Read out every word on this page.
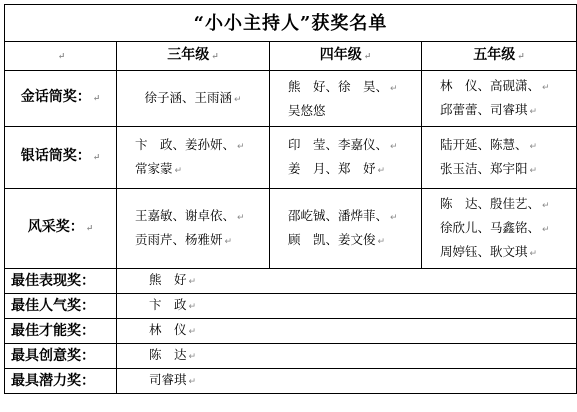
“小小主持人”获奖名单			
↵	三年级 ↵	四年级 ↵	五年级 ↵
金话筒奖： ↵	徐子涵、王雨涵 ↵	熊　好、徐　昊、 ↵
吴悠悠	林　仪、高砚潇、 ↵
邱蕾蕾、司睿琪 ↵

银话筒奖： ↵	卞　政、姜孙妍、 ↵
常家蒙 ↵	印　莹、李嘉仪、 ↵
姜　月、郑　妤 ↵	陆开延、陈慧、 ↵
张玉洁、郑宇阳 ↵

风采奖： ↵	王嘉敏、谢卓依、 ↵
贡雨芹、杨雅妍 ↵	邵屹铖、潘烨菲、 ↵
顾　凯、姜文俊 ↵	陈　达、殷佳艺、 ↵
徐欣儿、马鑫铭、 ↵
周婷钰、耿文琪 ↵

最佳表现奖：	熊　好 ↵		
最佳人气奖：	卞　政 ↵		
最佳才能奖：	林　仪 ↵		
最具创意奖：	陈　达 ↵		
最具潜力奖：	司睿琪 ↵		
